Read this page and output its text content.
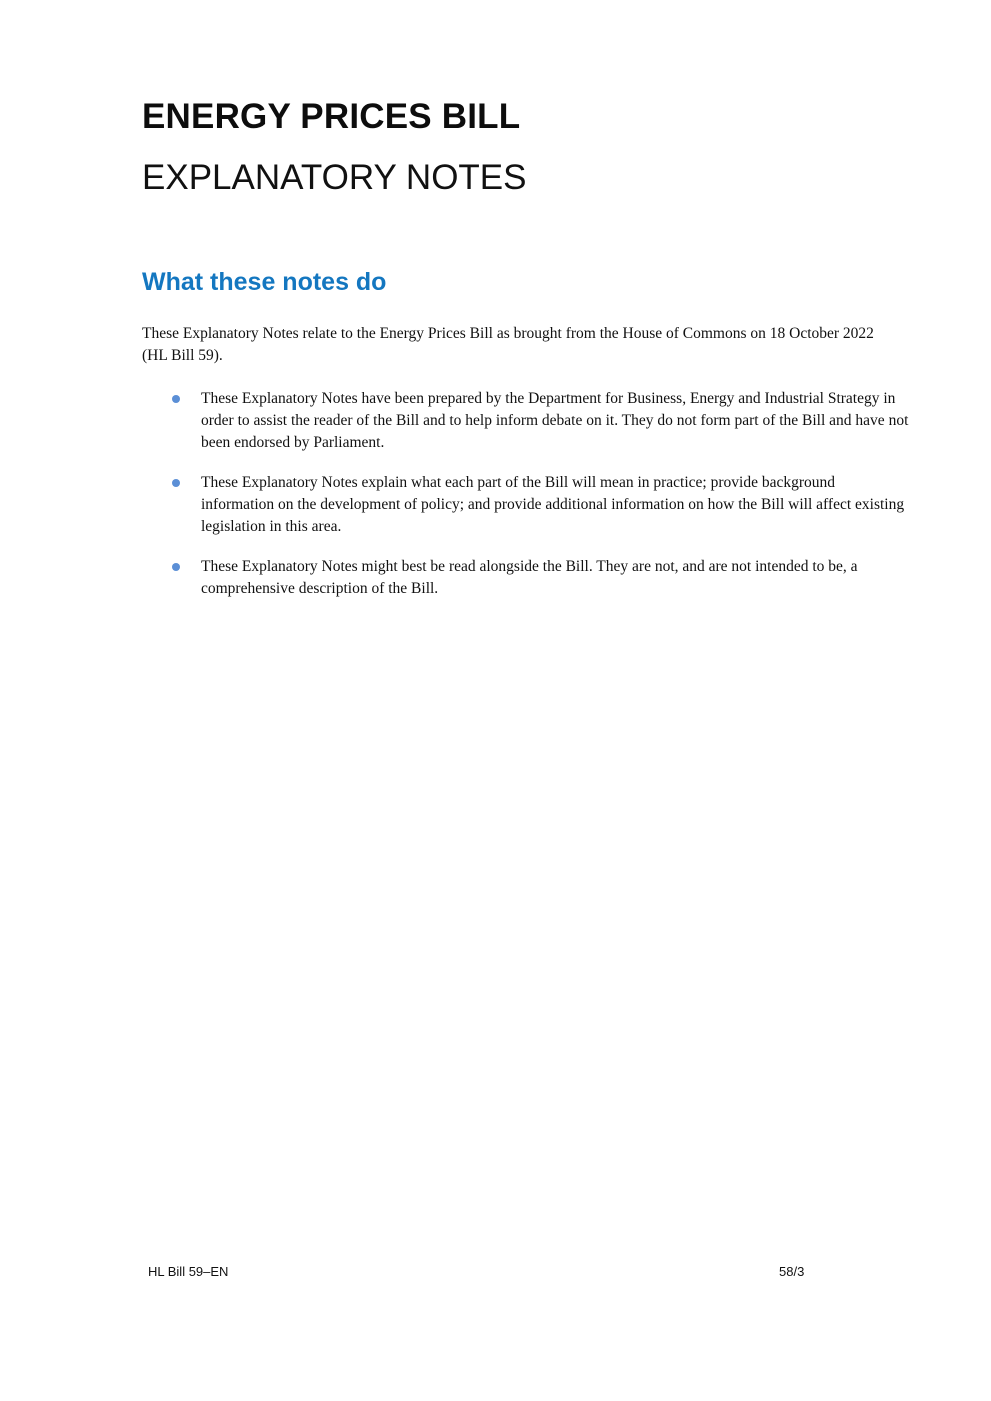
ENERGY PRICES BILL
EXPLANATORY NOTES
What these notes do

These Explanatory Notes relate to the Energy Prices Bill as brought from the House of Commons on 18 October 2022 (HL Bill 59).

These Explanatory Notes have been prepared by the Department for Business, Energy and Industrial Strategy in order to assist the reader of the Bill and to help inform debate on it. They do not form part of the Bill and have not been endorsed by Parliament.
These Explanatory Notes explain what each part of the Bill will mean in practice; provide background information on the development of policy; and provide additional information on how the Bill will affect existing legislation in this area.
These Explanatory Notes might best be read alongside the Bill. They are not, and are not intended to be, a comprehensive description of the Bill.
HL Bill 59–EN	58/3
